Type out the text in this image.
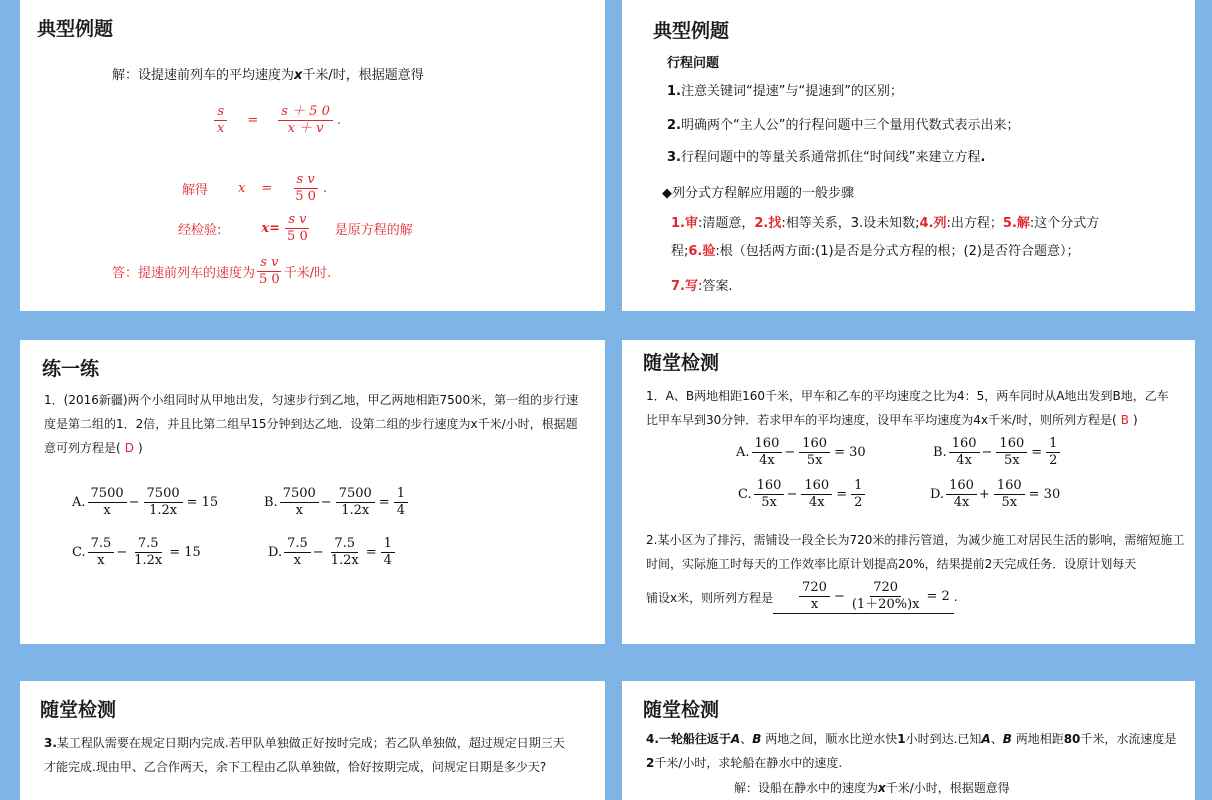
典型例题
解：设提速前列车的平均速度为x千米/时，根据题意得
$\frac{s}{x} = \frac{s + 5 0}{x + v}$ .
解得 $x = \frac{\text{s v}}{5 0}$ .
经检验:	$x= \frac{\text{s v}}{5 0}$ 是原方程的解
答：提速前列车的速度为 $\frac{\text{s v}}{5 0}$ 千米/时.
典型例题
行程问题
1.注意关键词“提速”与“提速到”的区别；
2.明确两个“主人公”的行程问题中三个量用代数式表示出来；
3.行程问题中的等量关系通常抓住“时间线”来建立方程.
◆列分式方程解应用题的一般步骤
1.审:清题意，2.找:相等关系，3.设未知数;4.列:出方程；5.解:这个分式方
程;6.验:根（包括两方面:(1)是否是分式方程的根；(2)是否符合题意）；
7.写:答案.
练一练
1．(2016新疆)两个小组同时从甲地出发，匀速步行到乙地，甲乙两地相距7500米，第一组的步行速度是第二组的1．2倍，并且比第二组早15分钟到达乙地．设第二组的步行速度为x千米/小时，根据题意可列方程是( D )
A. $\frac{7500}{x} - \frac{7500}{1.2x} = 15$	B. $\frac{7500}{x} - \frac{7500}{1.2x} = \frac{1}{4}$
C. $\frac{7.5}{x} - \frac{7.5}{1.2x} = 15$	D. $\frac{7.5}{x} - \frac{7.5}{1.2x} = \frac{1}{4}$
随堂检测
1．A、B两地相距160千米，甲车和乙车的平均速度之比为4：5，两车同时从A地出发到B地，乙车比甲车早到30分钟．若求甲车的平均速度，设甲车平均速度为4x千米/时，则所列方程是( B )
A. $\frac{160}{4x} - \frac{160}{5x} = 30$	B. $\frac{160}{4x} - \frac{160}{5x} = \frac{1}{2}$
C. $\frac{160}{5x} - \frac{160}{4x} = \frac{1}{2}$	D. $\frac{160}{4x} + \frac{160}{5x} = 30$
2.某小区为了排污，需铺设一段全长为720米的排污管道，为减少施工对居民生活的影响，需缩短施工时间，实际施工时每天的工作效率比原计划提高20%，结果提前2天完成任务．设原计划每天
铺设x米，则所列方程是 $\frac{720}{x} - \frac{720}{(1+20\%)x} = 2$ .
随堂检测
3.某工程队需要在规定日期内完成.若甲队单独做正好按时完成；若乙队单独做，超过规定日期三天才能完成.现由甲、乙合作两天，余下工程由乙队单独做，恰好按期完成，问规定日期是多少天?
随堂检测
4.一轮船往返于A、B 两地之间，顺水比逆水快1小时到达.已知A、B 两地相距80千米，水流速度是2千米/小时，求轮船在静水中的速度.
解：设船在静水中的速度为x千米/小时，根据题意得
